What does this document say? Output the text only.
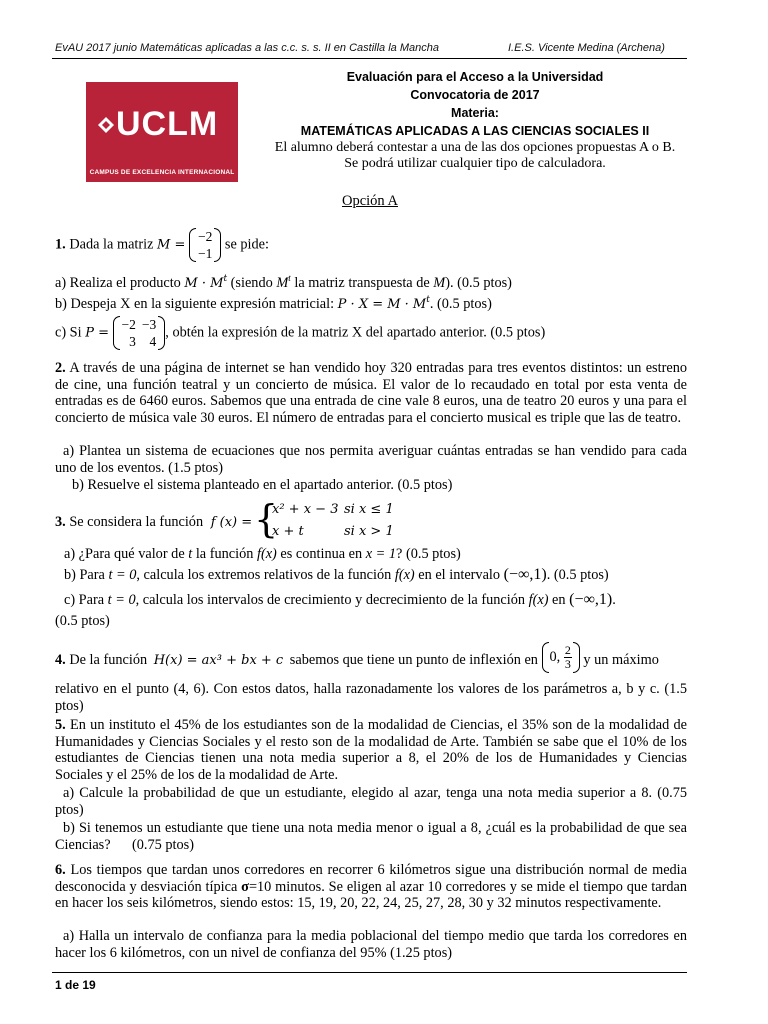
EvAU 2017 junio Matemáticas aplicadas a las c.c. s. s. II en Castilla la Mancha	I.E.S. Vicente Medina (Archena)
UCLM
CAMPUS DE EXCELENCIA INTERNACIONAL
Evaluación para el Acceso a la Universidad
Convocatoria de 2017
Materia:
MATEMÁTICAS APLICADAS A LAS CIENCIAS SOCIALES II
El alumno deberá contestar a una de las dos opciones propuestas A o B.
Se podrá utilizar cualquier tipo de calculadora.
Opción A
1. Dada la matriz M =
−2
−1
se pide:
a) Realiza el producto $M \cdot M^t$ (siendo $M^t$ la matriz transpuesta de M). (0.5 ptos)
b) Despeja X en la siguiente expresión matricial: $P \cdot X = M \cdot M^t$. (0.5 ptos)
c) Si P =
−2	−3
3	4
, obtén la expresión de la matriz X del apartado anterior. (0.5 ptos)
2. A través de una página de internet se han vendido hoy 320 entradas para tres eventos distintos: un estreno de cine, una función teatral y un concierto de música. El valor de lo recaudado en total por esta venta de entradas es de 6460 euros. Sabemos que una entrada de cine vale 8 euros, una de teatro 20 euros y una para el concierto de música vale 30 euros. El número de entradas para el concierto musical es triple que las de teatro.
a) Plantea un sistema de ecuaciones que nos permita averiguar cuántas entradas se han vendido para cada uno de los eventos. (1.5 ptos)
b) Resuelve el sistema planteado en el apartado anterior. (0.5 ptos)
3. Se considera la función f (x) = {
x² + x − 3 si x ≤ 1
x + t	si x > 1
a) ¿Para qué valor de t la función f(x) es continua en x = 1? (0.5 ptos)
b) Para t = 0, calcula los extremos relativos de la función f(x) en el intervalo (−∞,1). (0.5 ptos)
c) Para t = 0, calcula los intervalos de crecimiento y decrecimiento de la función f(x) en (−∞,1).
(0.5 ptos)
4. De la función H(x) = ax³ + bx + c sabemos que tiene un punto de inflexión en 0, $\frac{2}{3}$ y un máximo
relativo en el punto (4, 6). Con estos datos, halla razonadamente los valores de los parámetros a, b y c. (1.5 ptos)
5. En un instituto el 45% de los estudiantes son de la modalidad de Ciencias, el 35% son de la modalidad de Humanidades y Ciencias Sociales y el resto son de la modalidad de Arte. También se sabe que el 10% de los estudiantes de Ciencias tienen una nota media superior a 8, el 20% de los de Humanidades y Ciencias Sociales y el 25% de los de la modalidad de Arte.
a) Calcule la probabilidad de que un estudiante, elegido al azar, tenga una nota media superior a 8. (0.75 ptos)
b) Si tenemos un estudiante que tiene una nota media menor o igual a 8, ¿cuál es la probabilidad de que sea Ciencias?      (0.75 ptos)
6. Los tiempos que tardan unos corredores en recorrer 6 kilómetros sigue una distribución normal de media desconocida y desviación típica σ=10 minutos. Se eligen al azar 10 corredores y se mide el tiempo que tardan en hacer los seis kilómetros, siendo estos: 15, 19, 20, 22, 24, 25, 27, 28, 30 y 32 minutos respectivamente.
a) Halla un intervalo de confianza para la media poblacional del tiempo medio que tarda los corredores en hacer los 6 kilómetros, con un nivel de confianza del 95% (1.25 ptos)
1 de 19
